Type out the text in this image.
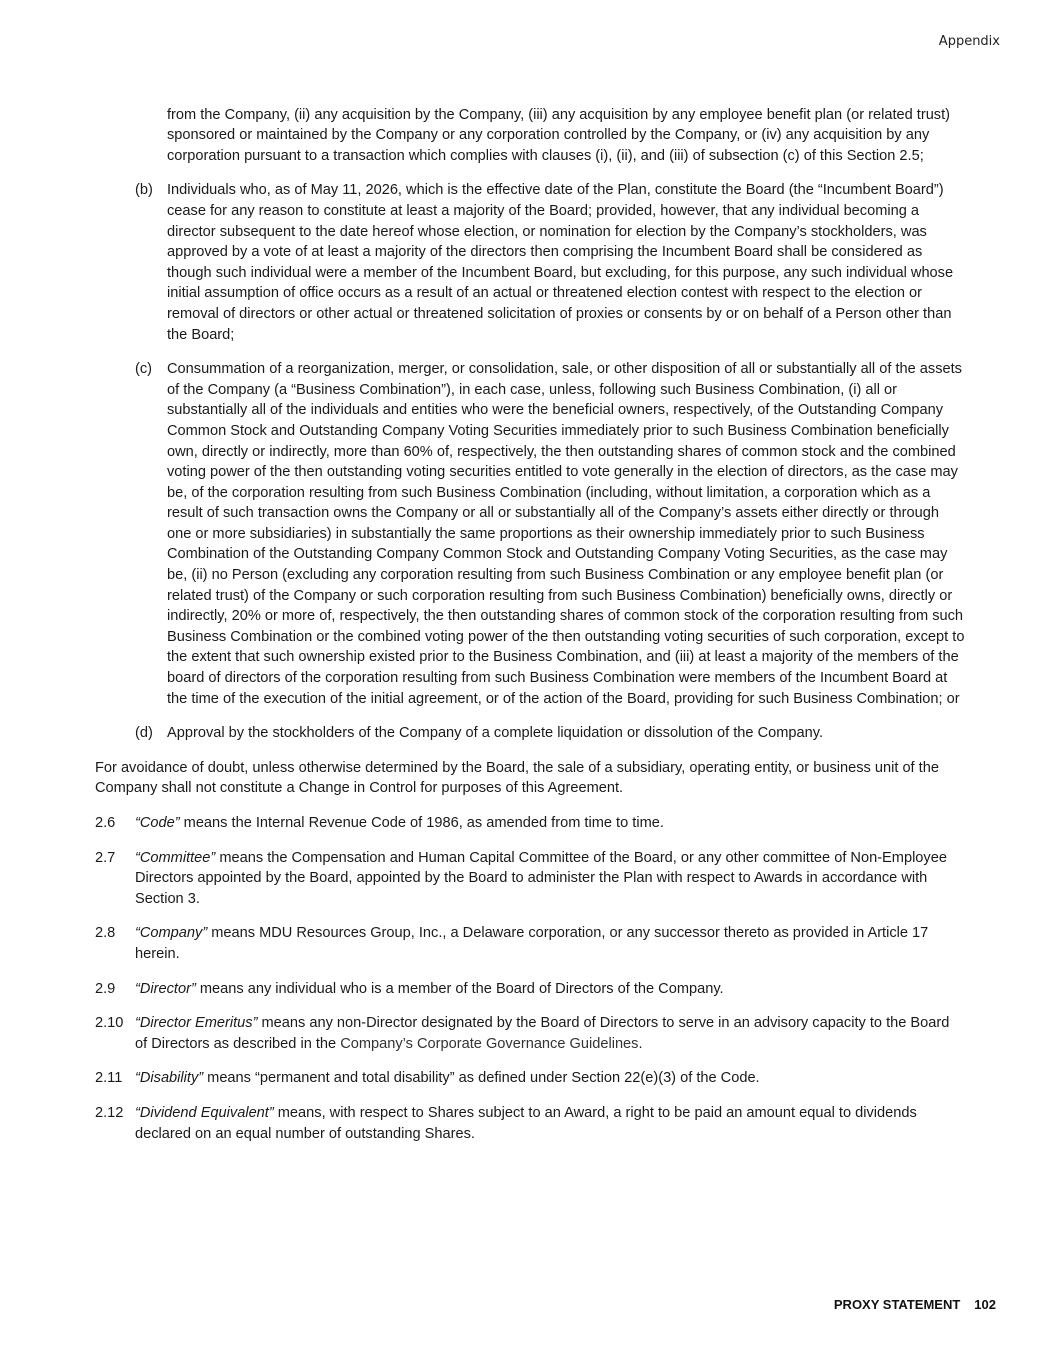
Appendix

from the Company, (ii) any acquisition by the Company, (iii) any acquisition by any employee benefit plan (or related trust) sponsored or maintained by the Company or any corporation controlled by the Company, or (iv) any acquisition by any corporation pursuant to a transaction which complies with clauses (i), (ii), and (iii) of subsection (c) of this Section 2.5;

(b) Individuals who, as of May 11, 2026, which is the effective date of the Plan, constitute the Board (the “Incumbent Board”) cease for any reason to constitute at least a majority of the Board; provided, however, that any individual becoming a director subsequent to the date hereof whose election, or nomination for election by the Company’s stockholders, was approved by a vote of at least a majority of the directors then comprising the Incumbent Board shall be considered as though such individual were a member of the Incumbent Board, but excluding, for this purpose, any such individual whose initial assumption of office occurs as a result of an actual or threatened election contest with respect to the election or removal of directors or other actual or threatened solicitation of proxies or consents by or on behalf of a Person other than the Board;
(c)	Consummation of a reorganization, merger, or consolidation, sale, or other disposition of all or substantially all of the assets of the Company (a “Business Combination”), in each case, unless, following such Business Combination, (i) all or substantially all of the individuals and entities who were the beneficial owners, respectively, of the Outstanding Company Common Stock and Outstanding Company Voting Securities immediately prior to such Business Combination beneficially own, directly or indirectly, more than 60% of, respectively, the then outstanding shares of common stock and the combined voting power of the then outstanding voting securities entitled to vote generally in the election of directors, as the case may be, of the corporation resulting from such Business Combination (including, without limitation, a corporation which as a result of such transaction owns the Company or all or substantially all of the Company’s assets either directly or through one or more subsidiaries) in substantially the same proportions as their ownership immediately prior to such Business Combination of the Outstanding Company Common Stock and Outstanding Company Voting Securities, as the case may be, (ii) no Person (excluding any corporation resulting from such Business Combination or any employee benefit plan (or related trust) of the Company or such corporation resulting from such Business Combination) beneficially owns, directly or indirectly, 20% or more of, respectively, the then outstanding shares of common stock of the corporation resulting from such Business Combination or the combined voting power of the then outstanding voting securities of such corporation, except to the extent that such ownership existed prior to the Business Combination, and (iii) at least a majority of the members of the board of directors of the corporation resulting from such Business Combination were members of the Incumbent Board at the time of the execution of the initial agreement, or of the action of the Board, providing for such Business Combination; or
(d) Approval by the stockholders of the Company of a complete liquidation or dissolution of the Company.

For avoidance of doubt, unless otherwise determined by the Board, the sale of a subsidiary, operating entity, or business unit of the Company shall not constitute a Change in Control for purposes of this Agreement.

2.6	“Code” means the Internal Revenue Code of 1986, as amended from time to time.
2.7	“Committee” means the Compensation and Human Capital Committee of the Board, or any other committee of Non-Employee Directors appointed by the Board, appointed by the Board to administer the Plan with respect to Awards in accordance with Section 3.
2.8	“Company” means MDU Resources Group, Inc., a Delaware corporation, or any successor thereto as provided in Article 17 herein.
2.9	“Director” means any individual who is a member of the Board of Directors of the Company.
2.10 “Director Emeritus” means any non-Director designated by the Board of Directors to serve in an advisory capacity to the Board of Directors as described in the Company’s Corporate Governance Guidelines.
2.11 “Disability” means “permanent and total disability” as defined under Section 22(e)(3) of the Code.
2.12 “Dividend Equivalent” means, with respect to Shares subject to an Award, a right to be paid an amount equal to dividends declared on an equal number of outstanding Shares.
PROXY STATEMENT 102
